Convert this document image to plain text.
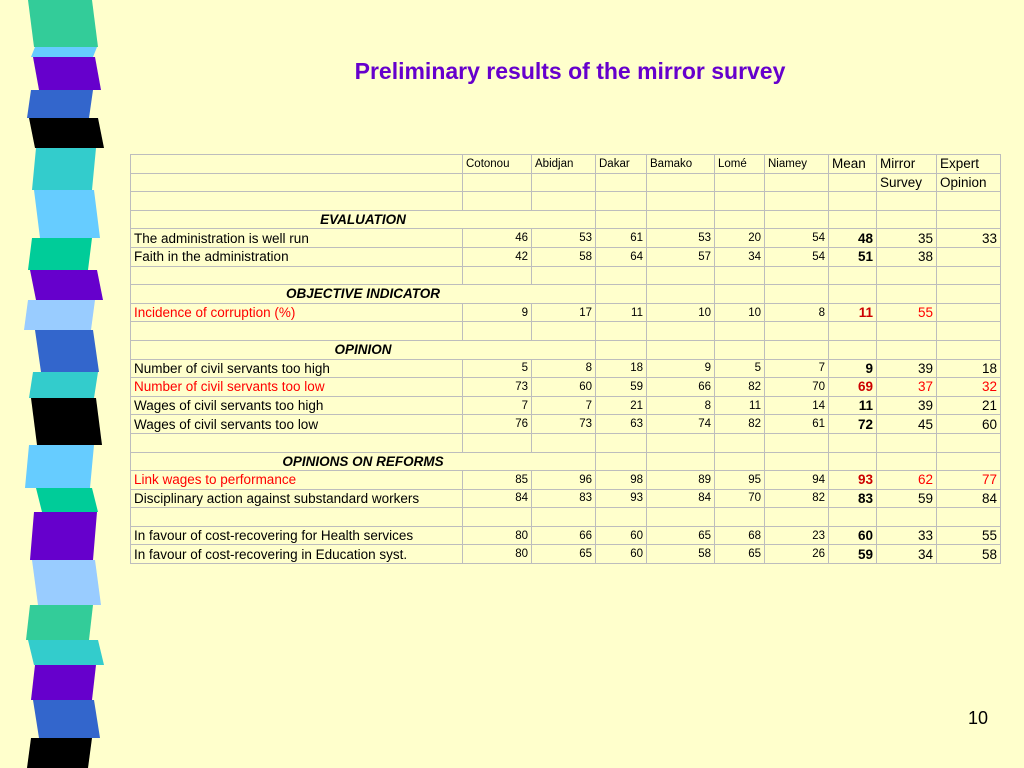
Preliminary results of the mirror survey
	Cotonou	Abidjan	Dakar	Bamako	Lomé	Niamey	Mean	Mirror	Expert
								Survey	Opinion

EVALUATION									
The administration is well run	46	53	61	53	20	54	48	35	33
Faith in the administration	42	58	64	57	34	54	51	38	

OBJECTIVE INDICATOR									
Incidence of corruption (%)	9	17	11	10	10	8	11	55	

OPINION									
Number of civil servants too high	5	8	18	9	5	7	9	39	18
Number of civil servants too low	73	60	59	66	82	70	69	37	32
Wages of civil servants too high	7	7	21	8	11	14	11	39	21
Wages of civil servants too low	76	73	63	74	82	61	72	45	60

OPINIONS ON REFORMS									
Link wages to performance	85	96	98	89	95	94	93	62	77
Disciplinary action against substandard workers	84	83	93	84	70	82	83	59	84

In favour of cost-recovering for Health services	80	66	60	65	68	23	60	33	55
In favour of cost-recovering in Education syst.	80	65	60	58	65	26	59	34	58
10
